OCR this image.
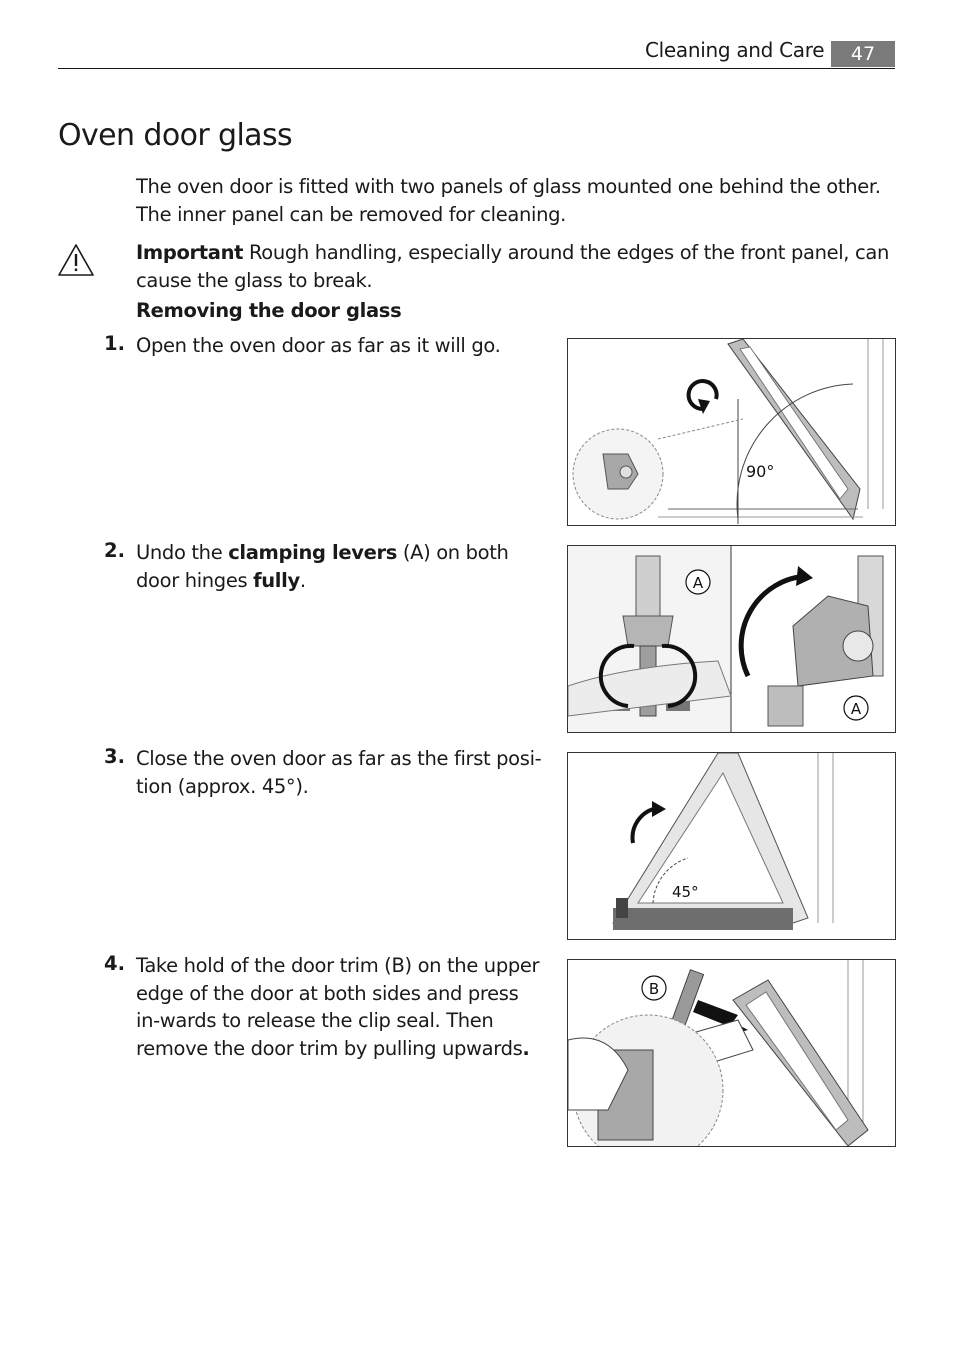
Cleaning and Care	47
Oven door glass
The oven door is fitted with two panels of glass mounted one behind the other. The inner panel can be removed for cleaning.
Important Rough handling, especially around the edges of the front panel, can cause the glass to break.
Removing the door glass
1. Open the oven door as far as it will go.
2. Undo the clamping levers (A) on both door hinges fully.
3. Close the oven door as far as the first posi-tion (approx. 45°).
4. Take hold of the door trim (B) on the upper edge of the door at both sides and press in-wards to release the clip seal. Then remove the door trim by pulling upwards.
90°
A
A
45°
B
